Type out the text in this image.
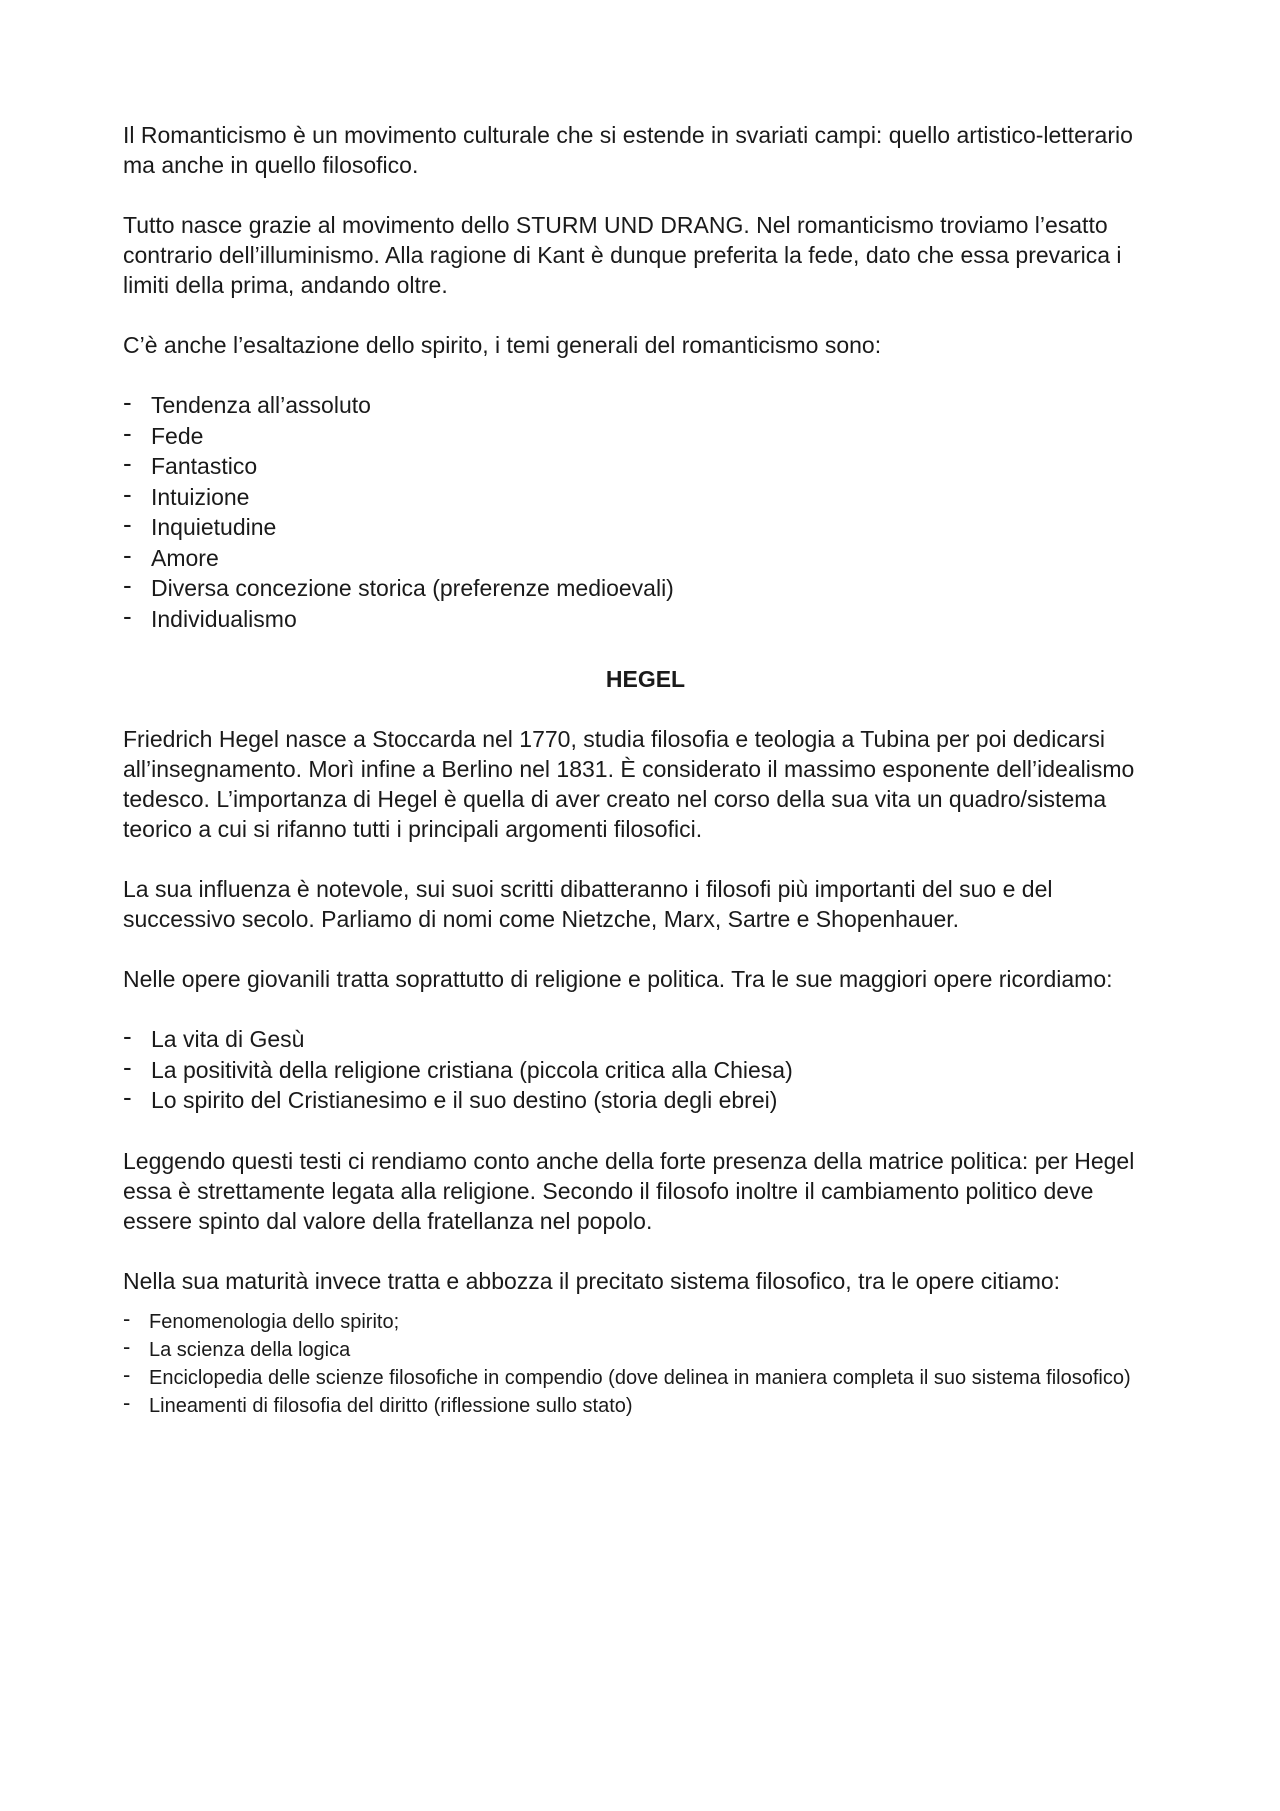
Il Romanticismo è un movimento culturale che si estende in svariati campi: quello artistico-letterario ma anche in quello filosofico.

Tutto nasce grazie al movimento dello STURM UND DRANG. Nel romanticismo troviamo l’esatto contrario dell’illuminismo. Alla ragione di Kant è dunque preferita la fede, dato che essa prevarica i limiti della prima, andando oltre.

C’è anche l’esaltazione dello spirito, i temi generali del romanticismo sono:

- Tendenza all’assoluto
- Fede
- Fantastico
- Intuizione
- Inquietudine
- Amore
- Diversa concezione storica (preferenze medioevali)
- Individualismo
HEGEL

Friedrich Hegel nasce a Stoccarda nel 1770, studia filosofia e teologia a Tubina per poi dedicarsi all’insegnamento. Morì infine a Berlino nel 1831. È considerato il massimo esponente dell’idealismo tedesco. L’importanza di Hegel è quella di aver creato nel corso della sua vita un quadro/sistema teorico a cui si rifanno tutti i principali argomenti filosofici.

La sua influenza è notevole, sui suoi scritti dibatteranno i filosofi più importanti del suo e del successivo secolo. Parliamo di nomi come Nietzche, Marx, Sartre e Shopenhauer.

Nelle opere giovanili tratta soprattutto di religione e politica. Tra le sue maggiori opere ricordiamo:

- La vita di Gesù
- La positività della religione cristiana (piccola critica alla Chiesa)
- Lo spirito del Cristianesimo e il suo destino (storia degli ebrei)

Leggendo questi testi ci rendiamo conto anche della forte presenza della matrice politica: per Hegel essa è strettamente legata alla religione. Secondo il filosofo inoltre il cambiamento politico deve essere spinto dal valore della fratellanza nel popolo.

Nella sua maturità invece tratta e abbozza il precitato sistema filosofico, tra le opere citiamo:

- Fenomenologia dello spirito;
- La scienza della logica
- Enciclopedia delle scienze filosofiche in compendio (dove delinea in maniera completa il suo sistema filosofico)
- Lineamenti di filosofia del diritto (riflessione sullo stato)
